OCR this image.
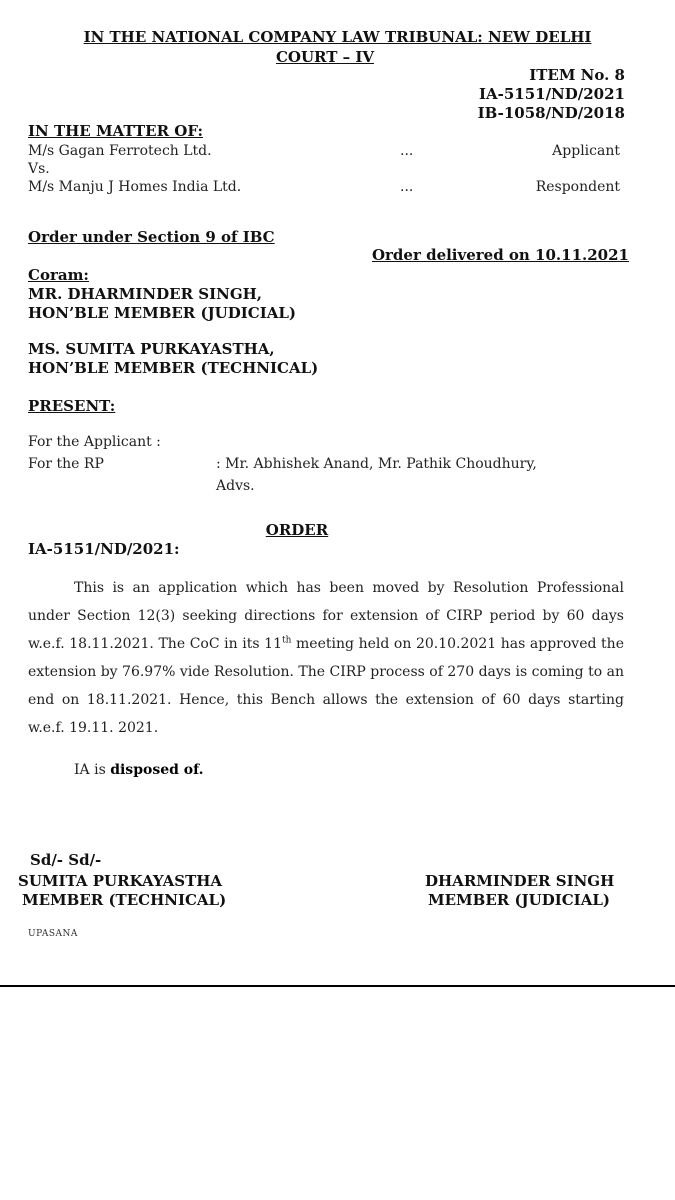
IN THE NATIONAL COMPANY LAW TRIBUNAL: NEW DELHI
COURT – IV
ITEM No. 8
IA-5151/ND/2021
IB-1058/ND/2018
IN THE MATTER OF:
M/s Gagan Ferrotech Ltd.	...	Applicant
Vs.
M/s Manju J Homes India Ltd.	...	Respondent
Order under Section 9 of IBC
Order delivered on 10.11.2021
Coram:
MR. DHARMINDER SINGH,
HON’BLE MEMBER (JUDICIAL)
MS. SUMITA PURKAYASTHA,
HON’BLE MEMBER (TECHNICAL)
PRESENT:
For the Applicant :
For the RP	: Mr. Abhishek Anand, Mr. Pathik Choudhury,
Advs.
ORDER
IA-5151/ND/2021:
This is an application which has been moved by Resolution Professional under Section 12(3) seeking directions for extension of CIRP period by 60 days w.e.f. 18.11.2021. The CoC in its 11th meeting held on 20.10.2021 has approved the extension by 76.97% vide Resolution. The CIRP process of 270 days is coming to an end on 18.11.2021. Hence, this Bench allows the extension of 60 days starting w.e.f. 19.11. 2021.
IA is disposed of.
Sd/- Sd/-
SUMITA PURKAYASTHA
MEMBER (TECHNICAL)
DHARMINDER SINGH
MEMBER (JUDICIAL)
UPASANA
